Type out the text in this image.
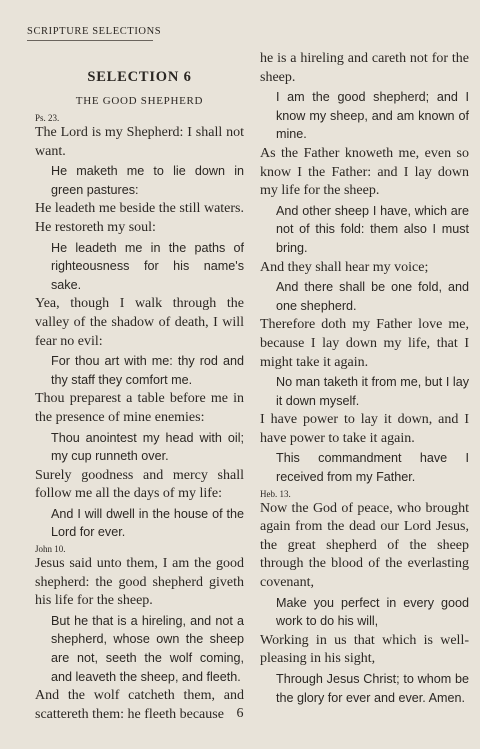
SCRIPTURE SELECTIONS
SELECTION 6
THE GOOD SHEPHERD

Ps. 23.

The Lord is my Shepherd: I shall not want.

He maketh me to lie down in green pastures:

He leadeth me beside the still waters. He restoreth my soul:

He leadeth me in the paths of righteousness for his name's sake.

Yea, though I walk through the valley of the shadow of death, I will fear no evil:

For thou art with me: thy rod and thy staff they comfort me.

Thou preparest a table before me in the presence of mine enemies:

Thou anointest my head with oil; my cup runneth over.

Surely goodness and mercy shall follow me all the days of my life:

And I will dwell in the house of the Lord for ever.

John 10.

Jesus said unto them, I am the good shepherd: the good shepherd giveth his life for the sheep.

But he that is a hireling, and not a shepherd, whose own the sheep are not, seeth the wolf coming, and leaveth the sheep, and fleeth.

And the wolf catcheth them, and scattereth them: he fleeth because

he is a hireling and careth not for the sheep.

I am the good shepherd; and I know my sheep, and am known of mine.

As the Father knoweth me, even so know I the Father: and I lay down my life for the sheep.

And other sheep I have, which are not of this fold: them also I must bring.

And they shall hear my voice;

And there shall be one fold, and one shepherd.

Therefore doth my Father love me, because I lay down my life, that I might take it again.

No man taketh it from me, but I lay it down myself.

I have power to lay it down, and I have power to take it again.

This commandment have I received from my Father.

Heb. 13.

Now the God of peace, who brought again from the dead our Lord Jesus, the great shepherd of the sheep through the blood of the everlasting covenant,

Make you perfect in every good work to do his will,

Working in us that which is well-pleasing in his sight,

Through Jesus Christ; to whom be the glory for ever and ever. Amen.

6
